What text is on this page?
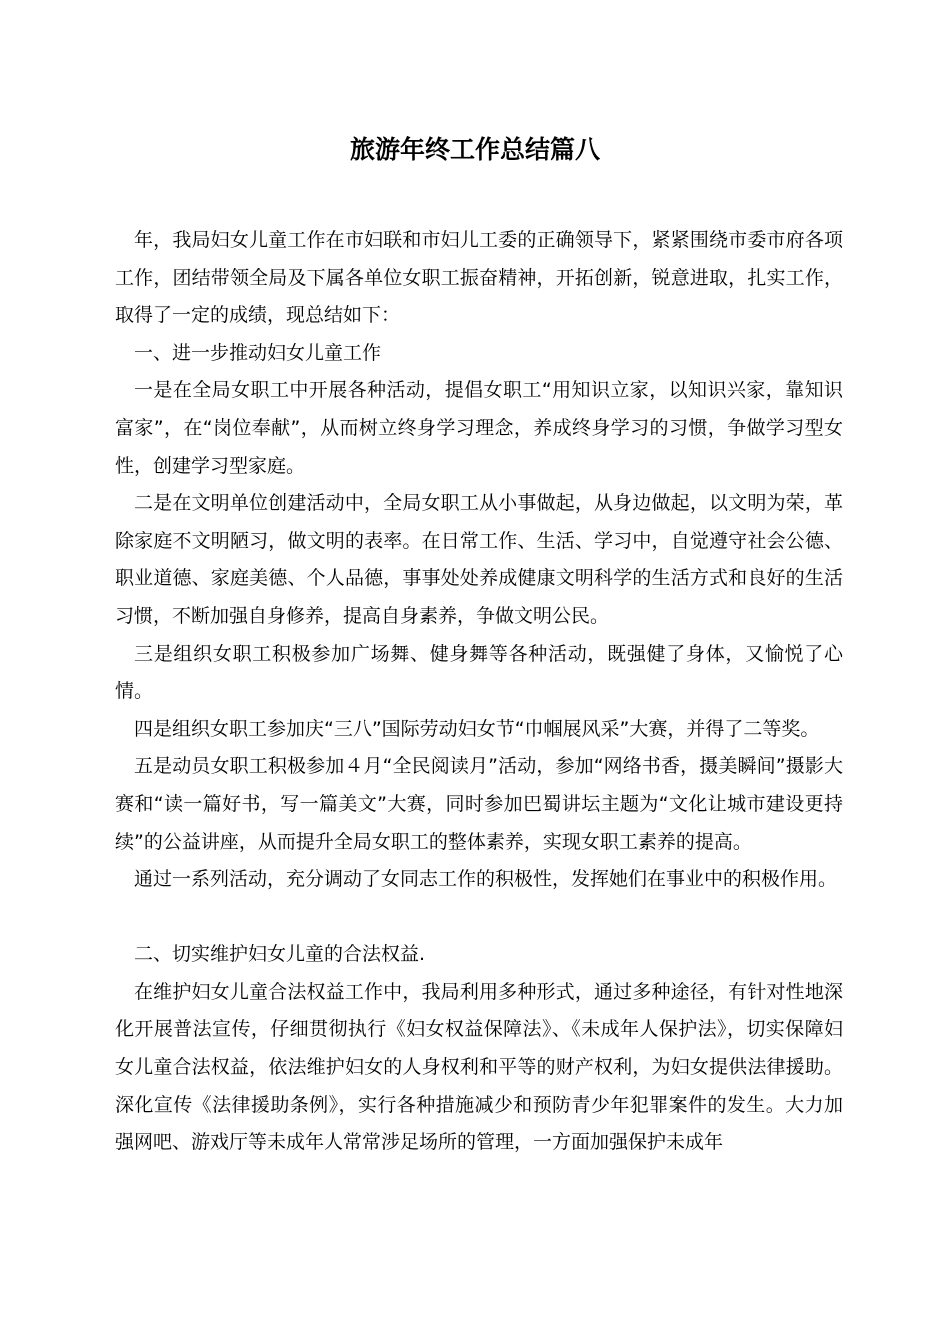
旅游年终工作总结篇八

年，我局妇女儿童工作在市妇联和市妇儿工委的正确领导下，紧紧围绕市委市府各项工作，团结带领全局及下属各单位女职工振奋精神，开拓创新，锐意进取，扎实工作，取得了一定的成绩，现总结如下：

一、进一步推动妇女儿童工作

一是在全局女职工中开展各种活动，提倡女职工“用知识立家，以知识兴家，靠知识富家”，在“岗位奉献”，从而树立终身学习理念，养成终身学习的习惯，争做学习型女性，创建学习型家庭。

二是在文明单位创建活动中，全局女职工从小事做起，从身边做起，以文明为荣，革除家庭不文明陋习，做文明的表率。在日常工作、生活、学习中，自觉遵守社会公德、职业道德、家庭美德、个人品德，事事处处养成健康文明科学的生活方式和良好的生活习惯，不断加强自身修养，提高自身素养，争做文明公民。

三是组织女职工积极参加广场舞、健身舞等各种活动，既强健了身体，又愉悦了心情。

四是组织女职工参加庆“三八”国际劳动妇女节“巾帼展风采”大赛，并得了二等奖。

五是动员女职工积极参加４月“全民阅读月”活动，参加“网络书香，摄美瞬间”摄影大赛和“读一篇好书，写一篇美文”大赛，同时参加巴蜀讲坛主题为“文化让城市建设更持续”的公益讲座，从而提升全局女职工的整体素养，实现女职工素养的提高。

通过一系列活动，充分调动了女同志工作的积极性，发挥她们在事业中的积极作用。

二、切实维护妇女儿童的合法权益.

在维护妇女儿童合法权益工作中，我局利用多种形式，通过多种途径，有针对性地深化开展普法宣传，仔细贯彻执行《妇女权益保障法》、《未成年人保护法》，切实保障妇女儿童合法权益，依法维护妇女的人身权利和平等的财产权利，为妇女提供法律援助。深化宣传《法律援助条例》，实行各种措施减少和预防青少年犯罪案件的发生。大力加强网吧、游戏厅等未成年人常常涉足场所的管理，一方面加强保护未成年
